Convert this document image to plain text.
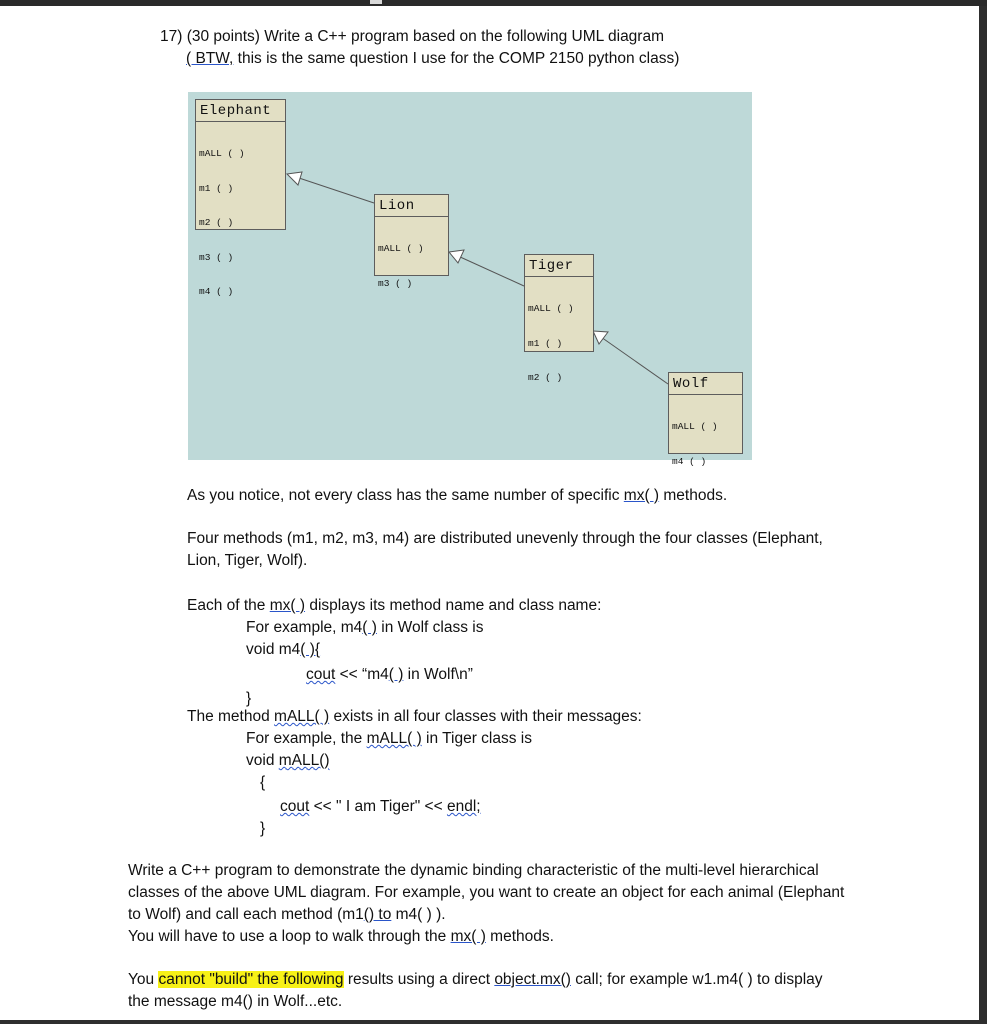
17) (30 points) Write a C++ program based on the following UML diagram
( BTW, this is the same question I use for the COMP 2150 python class)
Elephant

mALL ( )

m1 ( )

m2 ( )

m3 ( )

m4 ( )

Lion

mALL ( )

m3 ( )

Tiger

mALL ( )

m1 ( )

m2 ( )

	Wolf

mALL ( )

m4 ( )

As you notice, not every class has the same number of specific mx( ) methods.
Four methods (m1, m2, m3, m4) are distributed unevenly through the four classes (Elephant,
Lion, Tiger, Wolf).
Each of the mx( ) displays its method name and class name:
For example, m4( ) in Wolf class is
void m4( ){
cout << “m4( ) in Wolf\n”
}
The method mALL( ) exists in all four classes with their messages:
For example, the mALL( ) in Tiger class is
void mALL()
{
cout << " I am Tiger" << endl;
}
Write a C++ program to demonstrate the dynamic binding characteristic of the multi-level hierarchical
classes of the above UML diagram. For example, you want to create an object for each animal (Elephant
to Wolf) and call each method (m1() to m4( ) ).
You will have to use a loop to walk through the mx( ) methods.
You cannot "build" the following results using a direct object.mx() call; for example w1.m4( ) to display
the message m4() in Wolf...etc.
